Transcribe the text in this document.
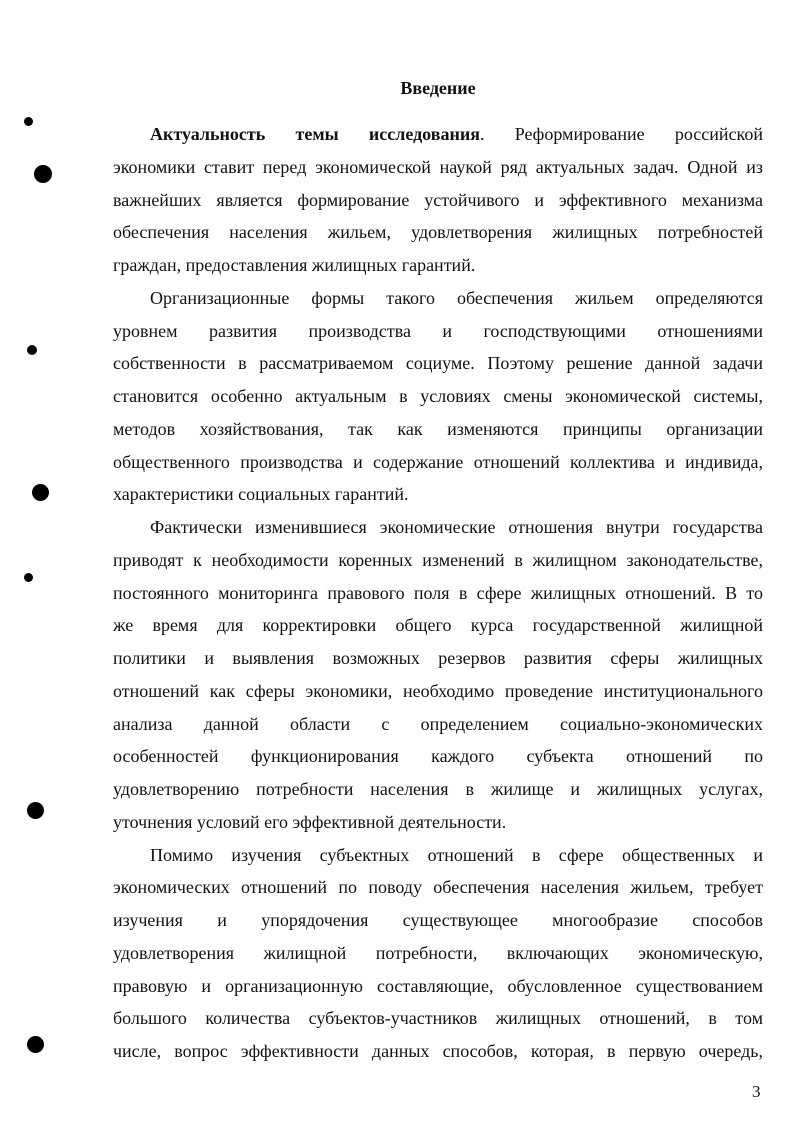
Введение
Актуальность темы исследования. Реформирование российской
экономики ставит перед экономической наукой ряд актуальных задач. Одной из
важнейших является формирование устойчивого и эффективного механизма
обеспечения населения жильем, удовлетворения жилищных потребностей
граждан, предоставления жилищных гарантий.
Организационные формы такого обеспечения жильем определяются
уровнем развития производства и господствующими отношениями
собственности в рассматриваемом социуме. Поэтому решение данной задачи
становится особенно актуальным в условиях смены экономической системы,
методов хозяйствования, так как изменяются принципы организации
общественного производства и содержание отношений коллектива и индивида,
характеристики социальных гарантий.
Фактически изменившиеся экономические отношения внутри государства
приводят к необходимости коренных изменений в жилищном законодательстве,
постоянного мониторинга правового поля в сфере жилищных отношений. В то
же время для корректировки общего курса государственной жилищной
политики и выявления возможных резервов развития сферы жилищных
отношений как сферы экономики, необходимо проведение институционального
анализа данной области с определением социально-экономических
особенностей функционирования каждого субъекта отношений по
удовлетворению потребности населения в жилище и жилищных услугах,
уточнения условий его эффективной деятельности.
Помимо изучения субъектных отношений в сфере общественных и
экономических отношений по поводу обеспечения населения жильем, требует
изучения и упорядочения существующее многообразие способов
удовлетворения жилищной потребности, включающих экономическую,
правовую и организационную составляющие, обусловленное существованием
большого количества субъектов-участников жилищных отношений, в том
числе, вопрос эффективности данных способов, которая, в первую очередь,
3
